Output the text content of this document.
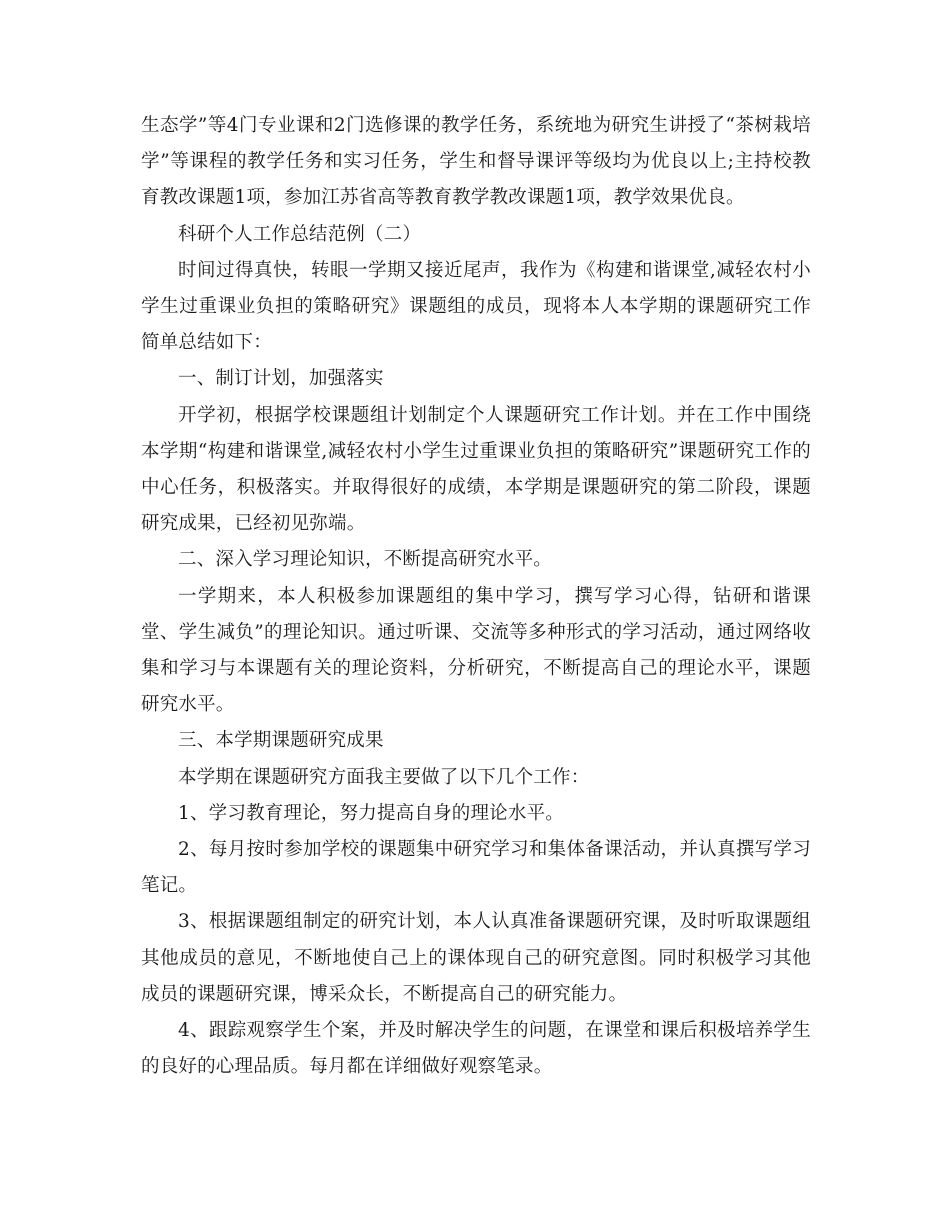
生态学”等4门专业课和2门选修课的教学任务，系统地为研究生讲授了“茶树栽培学”等课程的教学任务和实习任务，学生和督导课评等级均为优良以上;主持校教育教改课题1项，参加江苏省高等教育教学教改课题1项，教学效果优良。

科研个人工作总结范例（二）

时间过得真快，转眼一学期又接近尾声，我作为《构建和谐课堂,减轻农村小学生过重课业负担的策略研究》课题组的成员，现将本人本学期的课题研究工作简单总结如下：

一、制订计划，加强落实

开学初，根据学校课题组计划制定个人课题研究工作计划。并在工作中围绕本学期“构建和谐课堂,减轻农村小学生过重课业负担的策略研究”课题研究工作的中心任务，积极落实。并取得很好的成绩，本学期是课题研究的第二阶段，课题研究成果，已经初见弥端。

二、深入学习理论知识，不断提高研究水平。

一学期来，本人积极参加课题组的集中学习，撰写学习心得，钻研和谐课堂、学生减负”的理论知识。通过听课、交流等多种形式的学习活动，通过网络收集和学习与本课题有关的理论资料，分析研究，不断提高自己的理论水平，课题研究水平。

三、本学期课题研究成果

本学期在课题研究方面我主要做了以下几个工作：

1、学习教育理论，努力提高自身的理论水平。

2、每月按时参加学校的课题集中研究学习和集体备课活动，并认真撰写学习笔记。

3、根据课题组制定的研究计划，本人认真准备课题研究课，及时听取课题组其他成员的意见，不断地使自己上的课体现自己的研究意图。同时积极学习其他成员的课题研究课，博采众长，不断提高自己的研究能力。

4、跟踪观察学生个案，并及时解决学生的问题，在课堂和课后积极培养学生的良好的心理品质。每月都在详细做好观察笔录。
